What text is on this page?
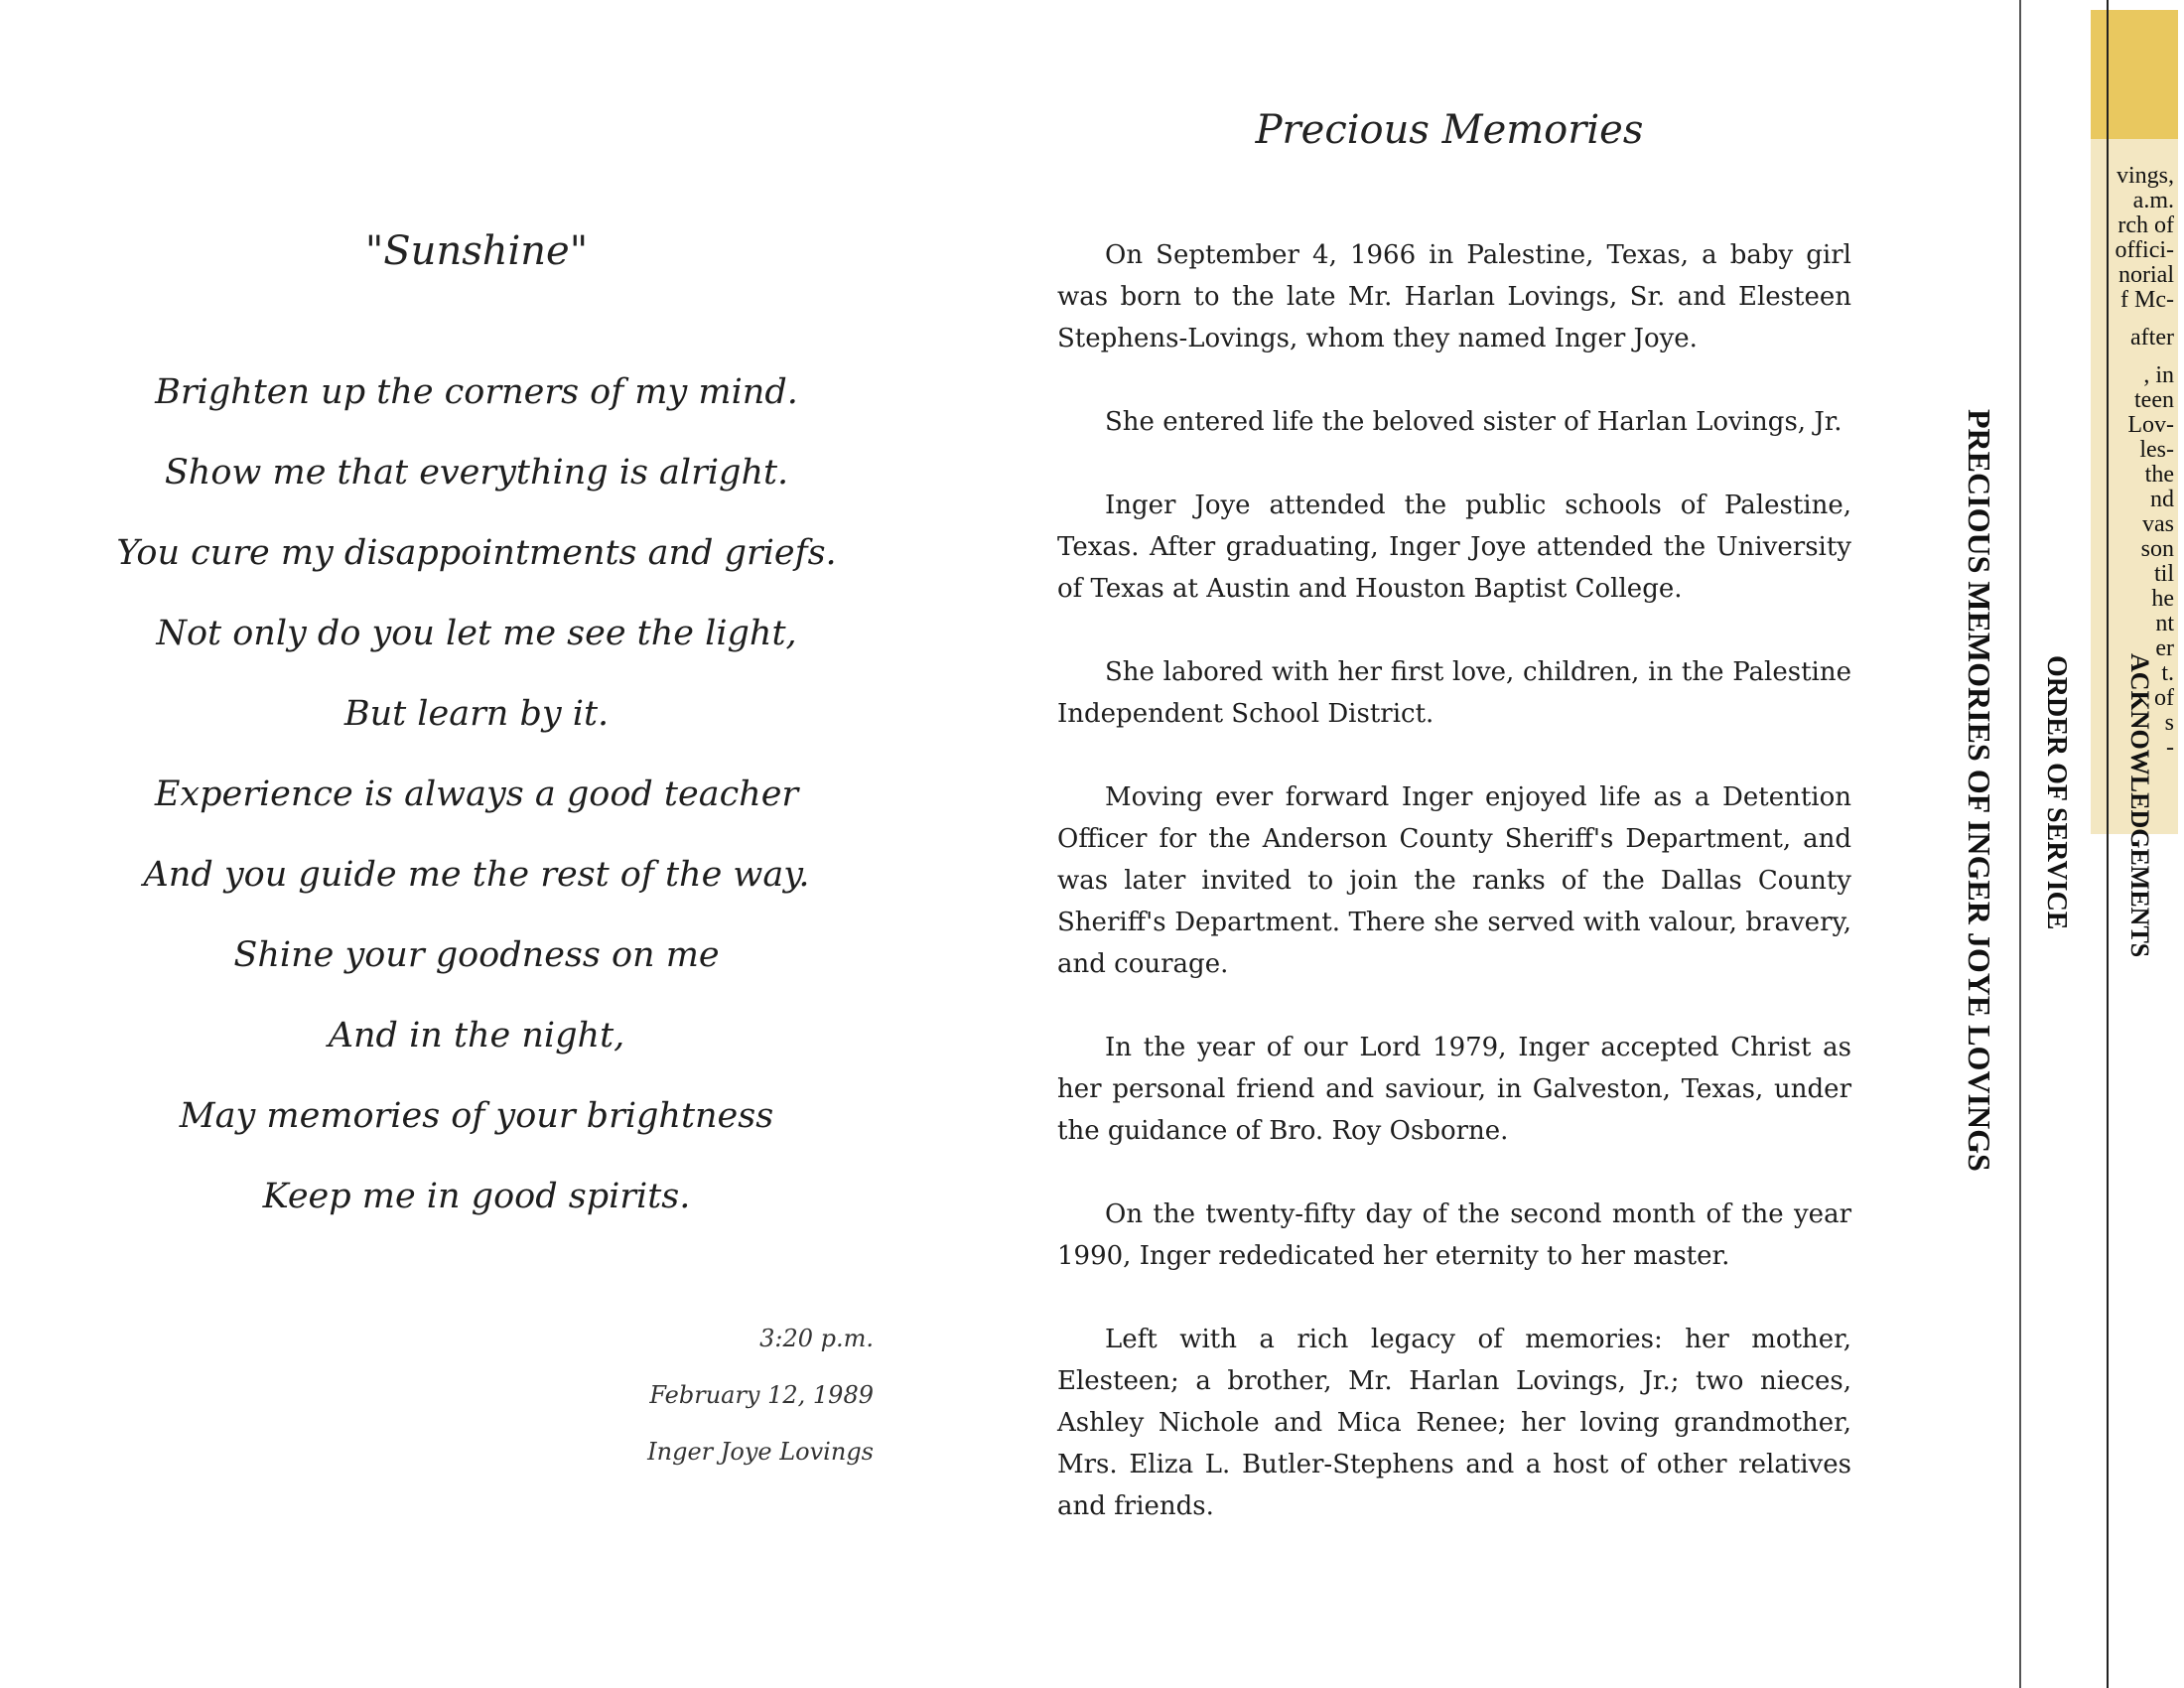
"Sunshine"
Brighten up the corners of my mind.
Show me that everything is alright.
You cure my disappointments and griefs.
Not only do you let me see the light,
But learn by it.
Experience is always a good teacher
And you guide me the rest of the way.
Shine your goodness on me
And in the night,
May memories of your brightness
Keep me in good spirits.
3:20 p.m.
February 12, 1989
Inger Joye Lovings
Precious Memories

On September 4, 1966 in Palestine, Texas, a baby girl was born to the late Mr. Harlan Lovings, Sr. and Elesteen Stephens-Lovings, whom they named Inger Joye.

She entered life the beloved sister of Harlan Lovings, Jr.

Inger Joye attended the public schools of Palestine, Texas. After graduating, Inger Joye attended the University of Texas at Austin and Houston Baptist College.

She labored with her first love, children, in the Palestine Independent School District.

Moving ever forward Inger enjoyed life as a Detention Officer for the Anderson County Sheriff's Department, and was later invited to join the ranks of the Dallas County Sheriff's Department. There she served with valour, bravery, and courage.

In the year of our Lord 1979, Inger accepted Christ as her personal friend and saviour, in Galveston, Texas, under the guidance of Bro. Roy Osborne.

On the twenty-fifty day of the second month of the year 1990, Inger rededicated her eternity to her master.

Left with a rich legacy of memories: her mother, Elesteen; a brother, Mr. Harlan Lovings, Jr.; two nieces, Ashley Nichole and Mica Renee; her loving grandmother, Mrs. Eliza L. Butler-Stephens and a host of other relatives and friends.

PRECIOUS MEMORIES OF INGER JOYE LOVINGS ORDER OF SERVICE
vings,
a.m.
rch of
offici-
norial
f Mc-
after
, in
teen
Lov-
les-
the
nd
vas
son
til
he
nt
er
t.
of
s
-
ACKNOWLEDGEMENTS
